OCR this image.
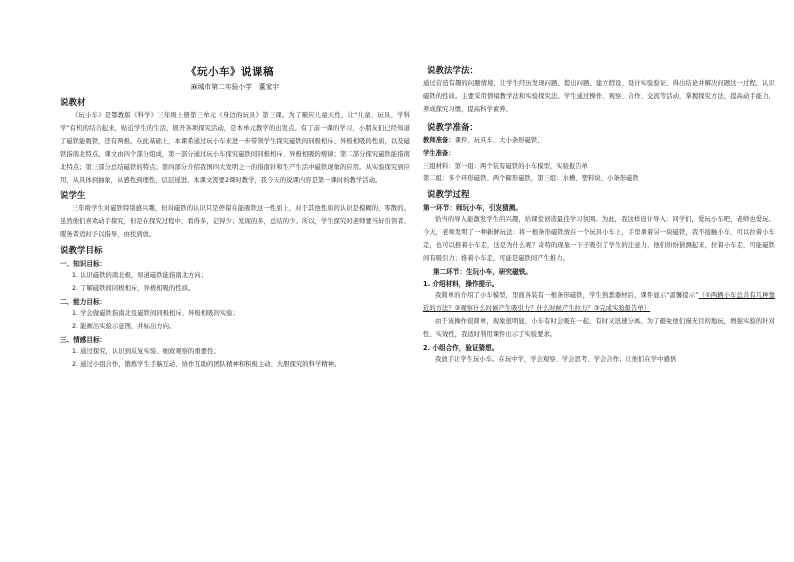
《玩小车》说课稿
麻城市第二实验小学　董家宇

说教材

《玩小车》是鄂教版《科学》三年级上册第三单元《身边的玩具》第三课。为了顺应儿童天性，让“儿童、玩具、学科学”有机的结合起来，贴近学生的生活，展开各项探究活动，是本单元教学的出发点。有了前一课的学习，小朋友们已经知道了磁铁能吸铁，还有两极。在此基础上，本课希通过玩小车来进一步带领学生探究磁铁间同极相斥、异极相吸的性质，以及磁铁指南北特点。课文由四个部分组成，第一部分通过玩小车探究磁铁间同极相斥、异极相吸的规律；第二部分探究磁铁能指南北特点；第三部分总结磁铁的特点；第四部分介绍我国四大发明之一的指南针和生产生活中磁铁现象的应用。从实验探究到应用，从具体到抽象，从感性到理性，层层递进。本课文需要2课时教学，我今天的说课内容是第一课时的教学活动。

说学生

三年级学生对磁铁特别感兴趣，但对磁铁的认识只是停留在能吸铁这一性质上，对于其他性质的认识是模糊的、零散的。虽然他们喜欢动手探究，但是在探究过程中，看得多，记得少；发现的多，总结的少。所以，学生探究时老师要当好引领者、服务者适时予以指导，由扶到放。

说教学目标

一、知识目标：

1. 认识磁铁的南北极，知道磁铁能指南北方向；

2. 了解磁铁间同极相斥，异极相吸的性质。

二、能力目标：

1. 学会做磁铁指南北及磁铁间同极相斥、异极相吸的实验；

2. 能画出实验示意图，并标出方向。

三、情感目标：

1. 通过探究，认识到反复实验、细致观察的重要性；

2. 通过小组合作，锻炼学生手脑互动、协作互助的团队精神和积极主动、大胆探究的科学精神。

说教法学法：

通过营造有趣的问题情境，让学生经历发现问题、提出问题、建立假设、设计实验验证、得出结论并解决问题这一过程，认识磁铁的性质。主要采用情境教学法和实验探究法。学生通过操作、观察、合作、交流等活动，掌握探究方法，提高动手能力，养成探究习惯，提高科学素养。

说教学准备：

教师准备：课件、玩具车、大小条形磁铁、

学生准备：

三组材料：第一组：两个装有磁铁的小车模型，实验报告单

第二组：多个环形磁铁、两个蹄形磁铁，第三组：水槽、塑料块、小条形磁铁

说教学过程

第一环节：师玩小车，引发猜测。

恰当的导入能激发学生的兴趣，给课堂创造最佳学习氛围。为此，我这样设计导入：同学们，爱玩小车吧，老师也爱玩。今天，老师发明了一种新鲜玩法：将一根条形磁铁放在一个玩具小车上，手里拿着另一块磁铁，我不接触小车，可以拉着小车走，也可以推着小车走，这是为什么呢？奇特的现象一下子吸引了学生的注意力，他们纷纷猜测起来，拉着小车走，可能磁铁间有吸引力；推着小车走，可能是磁铁间产生推力。

第二环节：生玩小车，研究磁铁。

1. 介绍材料，操作提示。

我简单的介绍了小车模型，里面各装有一根条形磁铁，学生熟悉器材后，课件显示“温馨提示”（①两辆小车总共有几种靠近的方法？②观察什么时候产生吸引力？什么时候产生拉力？③完成实验报告单）

由于该操作很简单，现象很明显，小车有时会吸在一起，有时又迅速分离。为了避免他们漫无目的地玩，增强实验的针对性、实效性，我适时利用课件出示了实验要求。

2. 小组合作，验证猜想。

我放手让学生玩小车。在玩中学，学会观察、学会思考、学会合作；让他们在学中感悟
